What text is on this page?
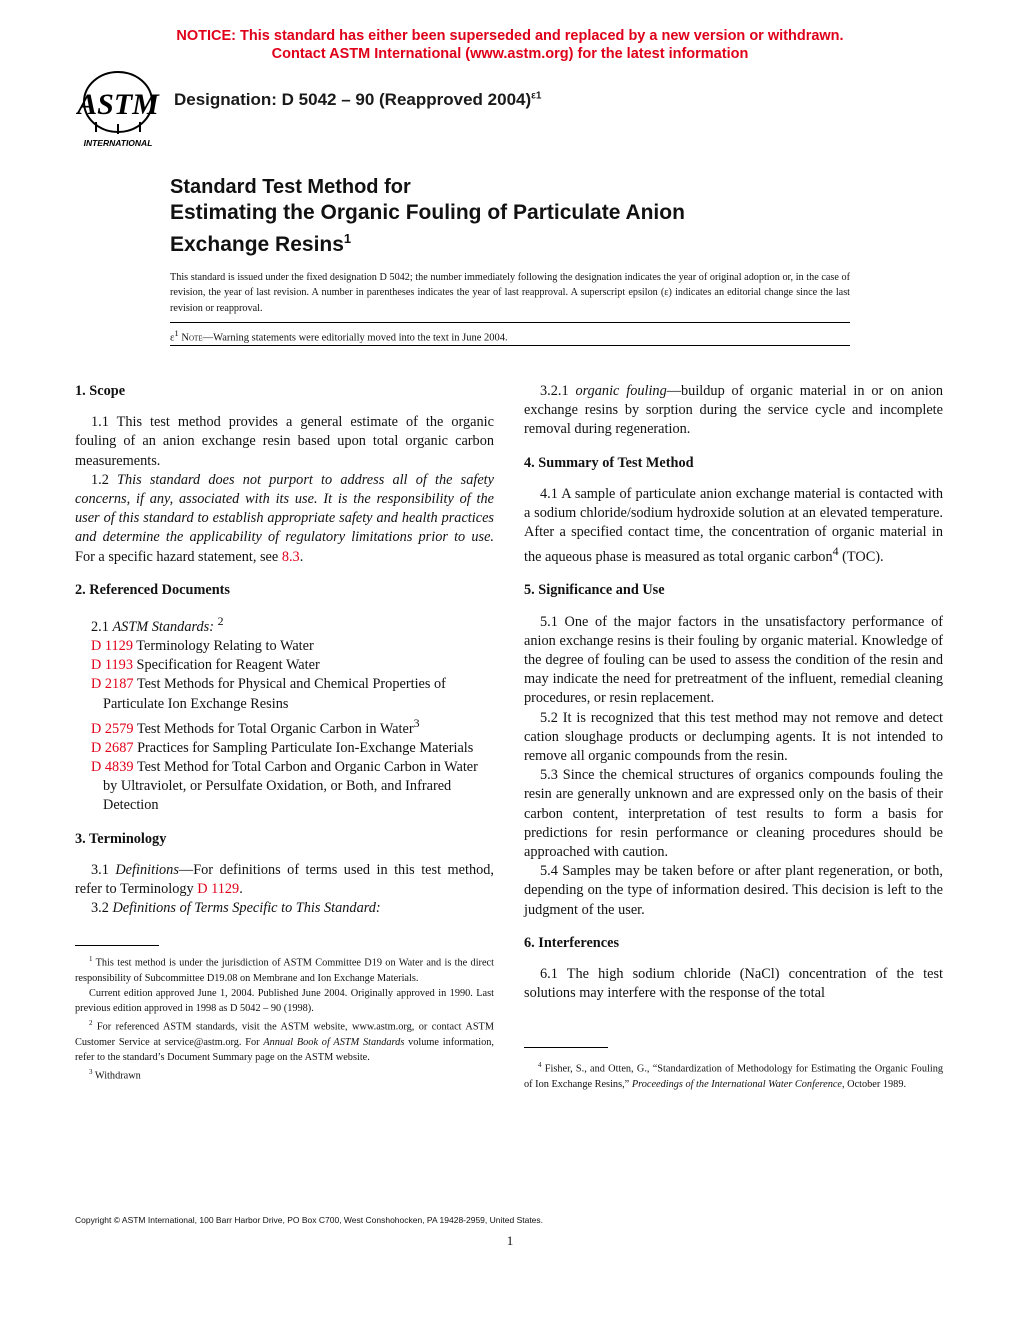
NOTICE: This standard has either been superseded and replaced by a new version or withdrawn.
Contact ASTM International (www.astm.org) for the latest information
ASTM
INTERNATIONAL
Designation: D 5042 – 90 (Reapproved 2004)$^{\varepsilon 1}$
Standard Test Method for
Estimating the Organic Fouling of Particulate Anion
Exchange Resins$^1$
This standard is issued under the fixed designation D 5042; the number immediately following the designation indicates the year of original adoption or, in the case of revision, the year of last revision. A number in parentheses indicates the year of last reapproval. A superscript epsilon (ε) indicates an editorial change since the last revision or reapproval.
$\varepsilon^1$ Note—Warning statements were editorially moved into the text in June 2004.
1. Scope

1.1 This test method provides a general estimate of the organic fouling of an anion exchange resin based upon total organic carbon measurements.

1.2 This standard does not purport to address all of the safety concerns, if any, associated with its use. It is the responsibility of the user of this standard to establish appropriate safety and health practices and determine the applicability of regulatory limitations prior to use. For a specific hazard statement, see 8.3.

2. Referenced Documents

2.1 ASTM Standards: $^2$

D 1129 Terminology Relating to Water

D 1193 Specification for Reagent Water

D 2187 Test Methods for Physical and Chemical Properties of Particulate Ion Exchange Resins

D 2579 Test Methods for Total Organic Carbon in Water$^3$

D 2687 Practices for Sampling Particulate Ion-Exchange Materials

D 4839 Test Method for Total Carbon and Organic Carbon in Water by Ultraviolet, or Persulfate Oxidation, or Both, and Infrared Detection

3. Terminology

3.1 Definitions—For definitions of terms used in this test method, refer to Terminology D 1129.

3.2 Definitions of Terms Specific to This Standard:

3.2.1 organic fouling—buildup of organic material in or on anion exchange resins by sorption during the service cycle and incomplete removal during regeneration.

4. Summary of Test Method

4.1 A sample of particulate anion exchange material is contacted with a sodium chloride/sodium hydroxide solution at an elevated temperature. After a specified contact time, the concentration of organic material in the aqueous phase is measured as total organic carbon$^4$ (TOC).

5. Significance and Use

5.1 One of the major factors in the unsatisfactory performance of anion exchange resins is their fouling by organic material. Knowledge of the degree of fouling can be used to assess the condition of the resin and may indicate the need for pretreatment of the influent, remedial cleaning procedures, or resin replacement.

5.2 It is recognized that this test method may not remove and detect cation sloughage products or declumping agents. It is not intended to remove all organic compounds from the resin.

5.3 Since the chemical structures of organics compounds fouling the resin are generally unknown and are expressed only on the basis of their carbon content, interpretation of test results to form a basis for predictions for resin performance or cleaning procedures should be approached with caution.

5.4 Samples may be taken before or after plant regeneration, or both, depending on the type of information desired. This decision is left to the judgment of the user.

6. Interferences

6.1 The high sodium chloride (NaCl) concentration of the test solutions may interfere with the response of the total

$^1$ This test method is under the jurisdiction of ASTM Committee D19 on Water and is the direct responsibility of Subcommittee D19.08 on Membrane and Ion Exchange Materials.

Current edition approved June 1, 2004. Published June 2004. Originally approved in 1990. Last previous edition approved in 1998 as D 5042 – 90 (1998).

$^2$ For referenced ASTM standards, visit the ASTM website, www.astm.org, or contact ASTM Customer Service at service@astm.org. For Annual Book of ASTM Standards volume information, refer to the standard’s Document Summary page on the ASTM website.

$^3$ Withdrawn

$^4$ Fisher, S., and Otten, G., “Standardization of Methodology for Estimating the Organic Fouling of Ion Exchange Resins,” Proceedings of the International Water Conference, October 1989.

Copyright © ASTM International, 100 Barr Harbor Drive, PO Box C700, West Conshohocken, PA 19428-2959, United States.
1
